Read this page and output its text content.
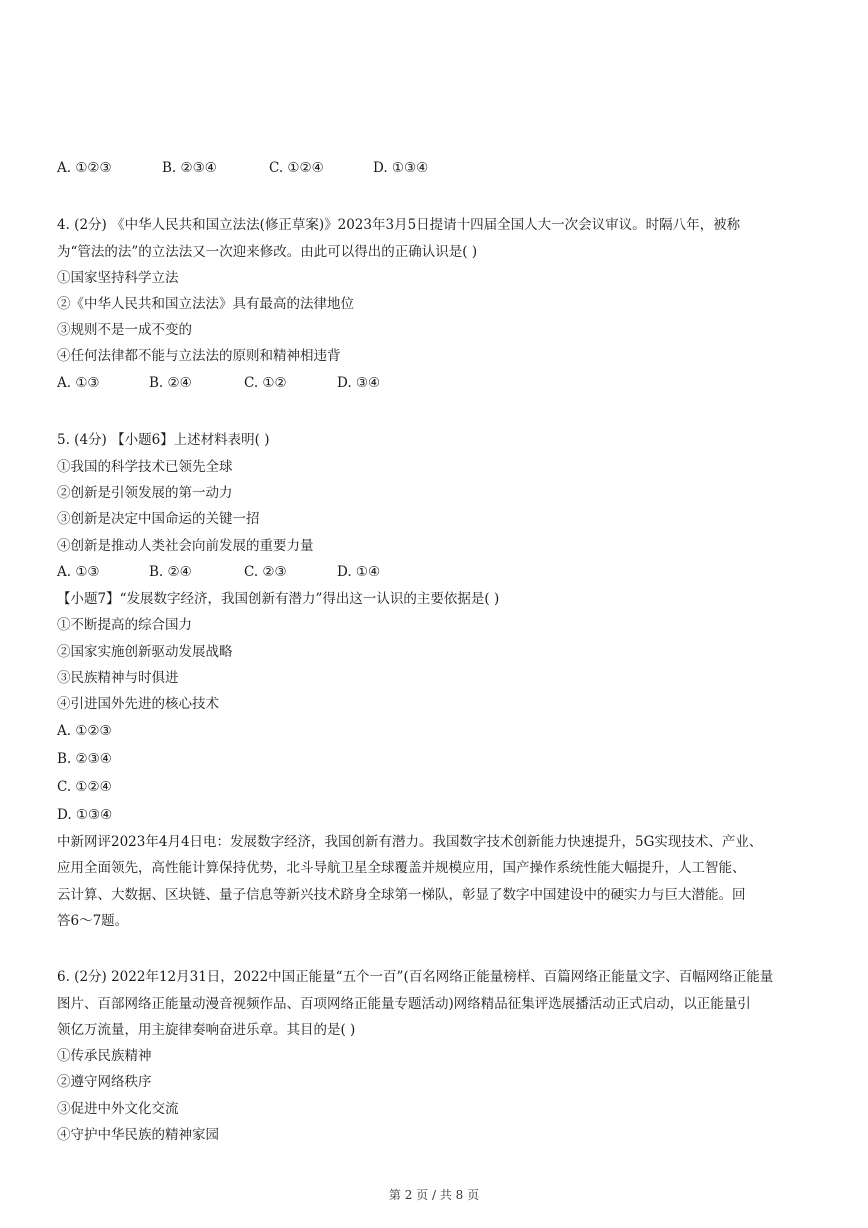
A. ①②③	B. ②③④	C. ①②④	D. ①③④
4. (2分) 《中华人民共和国立法法(修正草案)》2023年3月5日提请十四届全国人大一次会议审议。时隔八年，被称
为“管法的法”的立法法又一次迎来修改。由此可以得出的正确认识是( )
①国家坚持科学立法
②《中华人民共和国立法法》具有最高的法律地位
③规则不是一成不变的
④任何法律都不能与立法法的原则和精神相违背
A. ①③	B. ②④	C. ①②	D. ③④
5. (4分) 【小题6】上述材料表明( )
①我国的科学技术已领先全球
②创新是引领发展的第一动力
③创新是决定中国命运的关键一招
④创新是推动人类社会向前发展的重要力量
A. ①③	B. ②④	C. ②③	D. ①④
【小题7】“发展数字经济，我国创新有潜力”得出这一认识的主要依据是( )
①不断提高的综合国力
②国家实施创新驱动发展战略
③民族精神与时俱进
④引进国外先进的核心技术
A. ①②③
B. ②③④
C. ①②④
D. ①③④
中新网评2023年4月4日电：发展数字经济，我国创新有潜力。我国数字技术创新能力快速提升，5G实现技术、产业、
应用全面领先，高性能计算保持优势，北斗导航卫星全球覆盖并规模应用，国产操作系统性能大幅提升，人工智能、
云计算、大数据、区块链、量子信息等新兴技术跻身全球第一梯队，彰显了数字中国建设中的硬实力与巨大潜能。回
答6～7题。
6. (2分) 2022年12月31日，2022中国正能量“五个一百”(百名网络正能量榜样、百篇网络正能量文字、百幅网络正能量
图片、百部网络正能量动漫音视频作品、百项网络正能量专题活动)网络精品征集评选展播活动正式启动，以正能量引
领亿万流量，用主旋律奏响奋进乐章。其目的是( )
①传承民族精神
②遵守网络秩序
③促进中外文化交流
④守护中华民族的精神家园
第 2 页 / 共 8 页
